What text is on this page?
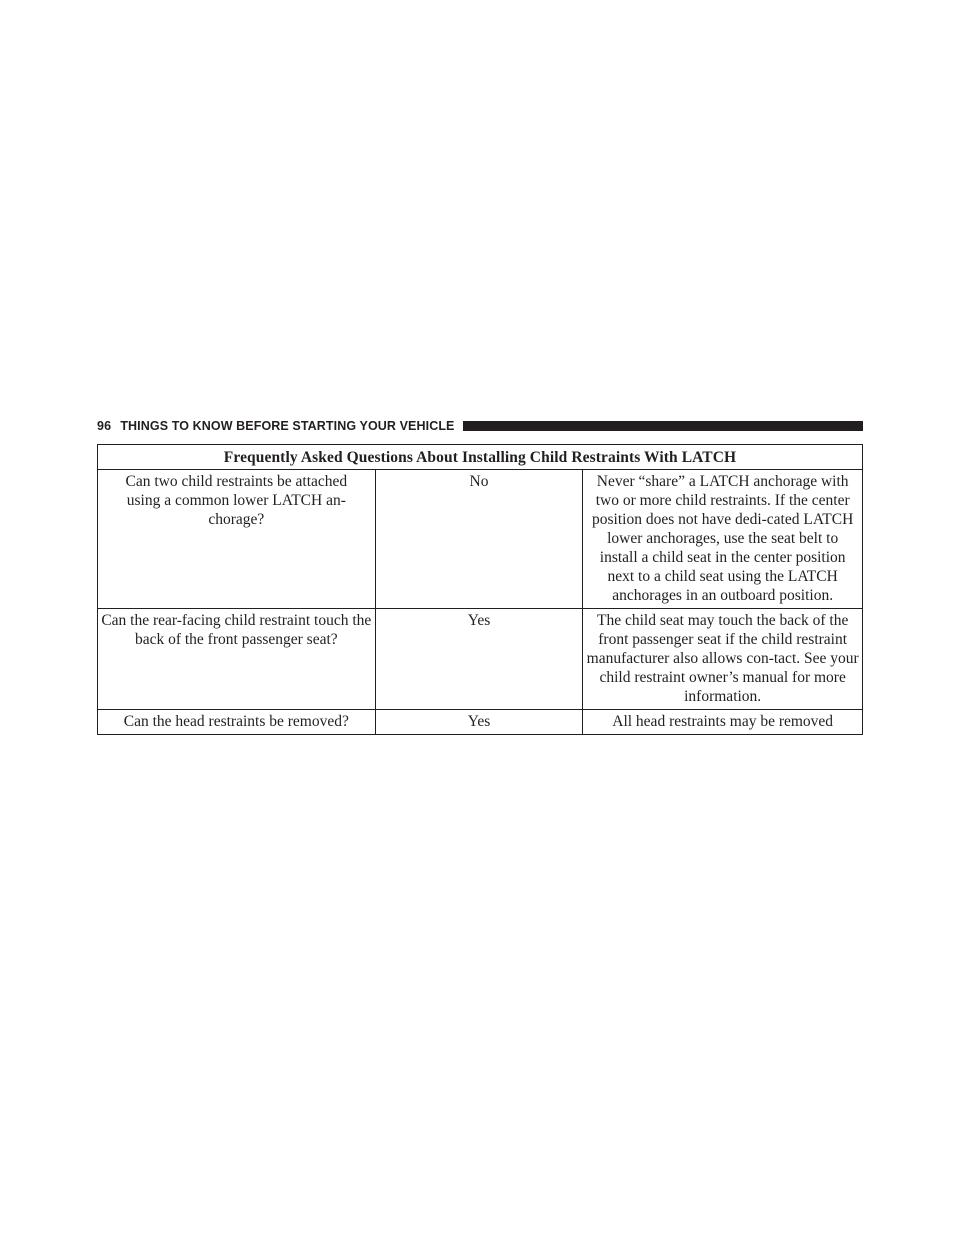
96 THINGS TO KNOW BEFORE STARTING YOUR VEHICLE
Frequently Asked Questions About Installing Child Restraints With LATCH		

Can two child restraints be attached using a common lower LATCH an-chorage?	No	Never “share” a LATCH anchorage with two or more child restraints. If the center position does not have dedi-cated LATCH lower anchorages, use the seat belt to install a child seat in the center position next to a child seat using the LATCH anchorages in an outboard position.

Can the rear-facing child restraint touch the back of the front passenger seat?	Yes	The child seat may touch the back of the front passenger seat if the child restraint manufacturer also allows con-tact. See your child restraint owner’s manual for more information.

Can the head restraints be removed?	Yes	All head restraints may be removed
